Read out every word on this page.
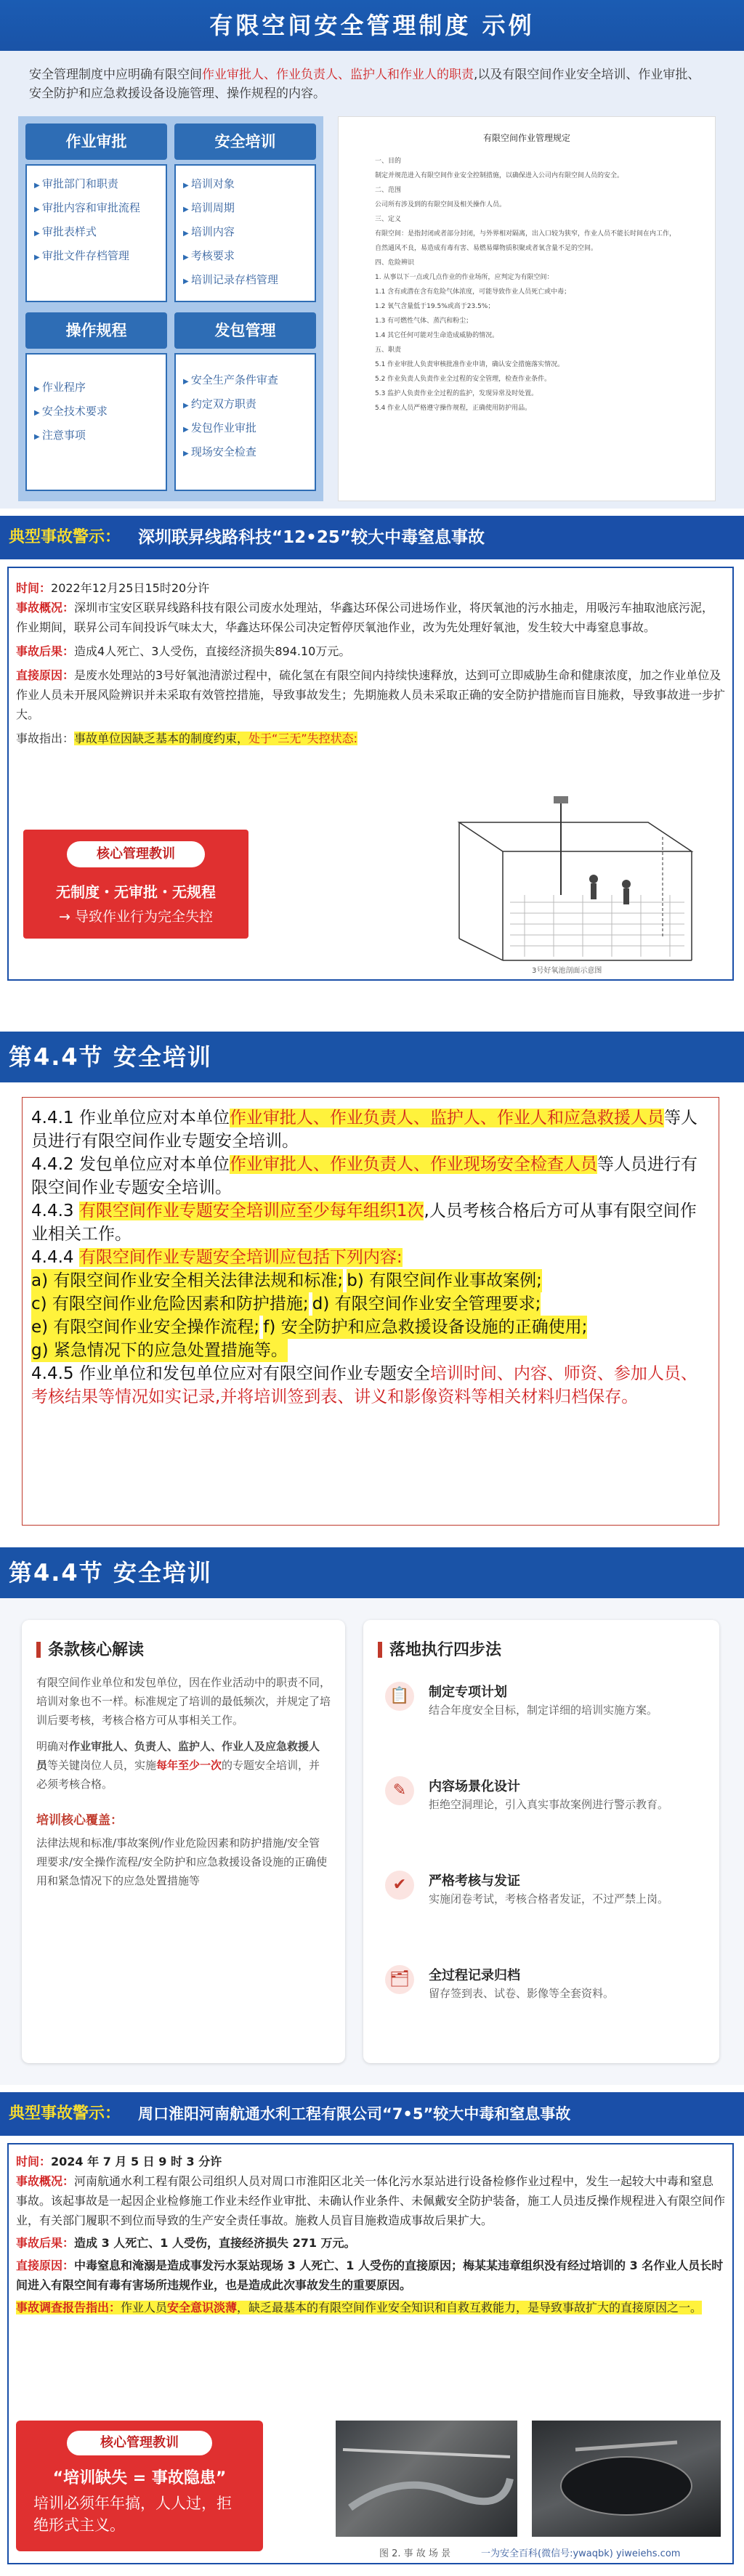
有限空间安全管理制度 示例
安全管理制度中应明确有限空间作业审批人、作业负责人、监护人和作业人的职责,以及有限空间作业安全培训、作业审批、安全防护和应急救援设备设施管理、操作规程的内容。
作业审批
▶ 审批部门和职责
▶ 审批内容和审批流程
▶ 审批表样式
▶ 审批文件存档管理
安全培训
▶ 培训对象
▶ 培训周期
▶ 培训内容
▶ 考核要求
▶ 培训记录存档管理
操作规程
▶ 作业程序
▶ 安全技术要求
▶ 注意事项
发包管理
▶ 安全生产条件审查
▶ 约定双方职责
▶ 发包作业审批
▶ 现场安全检查
有限空间作业管理规定

一、目的

制定并规范进入有限空间作业安全控制措施，以确保进入公司内有限空间人员的安全。

二、范围

公司所有涉及到的有限空间及相关操作人员。

三、定义

有限空间：是指封闭或者部分封闭，与外界相对隔离，出入口较为狭窄，作业人员不能长时间在内工作，自然通风不良，易造成有毒有害、易燃易爆物质积聚或者氧含量不足的空间。

四、危险辨识

1. 从事以下一点或几点作业的作业场所，应判定为有限空间：

1.1 含有或潜在含有危险气体浓度，可能导致作业人员死亡或中毒；

1.2 氧气含量低于19.5%或高于23.5%；

1.3 有可燃性气体、蒸汽和粉尘；

1.4 其它任何可能对生命造成威胁的情况。

五、职责

5.1 作业审批人负责审核批准作业申请，确认安全措施落实情况。

5.2 作业负责人负责作业全过程的安全管理，检查作业条件。

5.3 监护人负责作业全过程的监护，发现异常及时处置。

5.4 作业人员严格遵守操作规程，正确使用防护用品。

典型事故警示： 深圳联昇线路科技“12•25”较大中毒窒息事故
时间：2022年12月25日15时20分许
事故概况：深圳市宝安区联昇线路科技有限公司废水处理站，华鑫达环保公司进场作业，将厌氧池的污水抽走，用吸污车抽取池底污泥，作业期间，联昇公司车间投诉气味太大，华鑫达环保公司决定暂停厌氧池作业，改为先处理好氧池，发生较大中毒窒息事故。
事故后果：造成4人死亡、3人受伤，直接经济损失894.10万元。
直接原因：是废水处理站的3号好氧池清淤过程中，硫化氢在有限空间内持续快速释放，达到可立即威胁生命和健康浓度，加之作业单位及作业人员未开展风险辨识并未采取有效管控措施，导致事故发生；先期施救人员未采取正确的安全防护措施而盲目施救，导致事故进一步扩大。
事故指出：事故单位因缺乏基本的制度约束，处于“三无”失控状态:
核心管理教训
无制度・无审批・无规程
→ 导致作业行为完全失控
3号好氧池剖面示意图
第4.4节 安全培训

4.4.1 作业单位应对本单位作业审批人、作业负责人、监护人、作业人和应急救援人员等人员进行有限空间作业专题安全培训。

4.4.2 发包单位应对本单位作业审批人、作业负责人、作业现场安全检查人员等人员进行有限空间作业专题安全培训。

4.4.3 有限空间作业专题安全培训应至少每年组织1次,人员考核合格后方可从事有限空间作业相关工作。

4.4.4 有限空间作业专题安全培训应包括下列内容:

a) 有限空间作业安全相关法律法规和标准;

b) 有限空间作业事故案例;

c) 有限空间作业危险因素和防护措施;

d) 有限空间作业安全管理要求;

e) 有限空间作业安全操作流程;

f) 安全防护和应急救援设备设施的正确使用;

g) 紧急情况下的应急处置措施等。

4.4.5 作业单位和发包单位应对有限空间作业专题安全培训时间、内容、师资、参加人员、考核结果等情况如实记录,并将培训签到表、讲义和影像资料等相关材料归档保存。

第4.4节 安全培训
条款核心解读
有限空间作业单位和发包单位，因在作业活动中的职责不同，培训对象也不一样。标准规定了培训的最低频次，并规定了培训后要考核，考核合格方可从事相关工作。
明确对作业审批人、负责人、监护人、作业人及应急救援人员等关键岗位人员，实施每年至少一次的专题安全培训，并必须考核合格。
培训核心覆盖：
法律法规和标准/事故案例/作业危险因素和防护措施/安全管理要求/安全操作流程/安全防护和应急救援设备设施的正确使用和紧急情况下的应急处置措施等
落地执行四步法
📋	制定专项计划
结合年度安全目标，制定详细的培训实施方案。
✎	内容场景化设计
拒绝空洞理论，引入真实事故案例进行警示教育。
✔	严格考核与发证
实施闭卷考试，考核合格者发证，不过严禁上岗。
🗂	全过程记录归档
留存签到表、试卷、影像等全套资料。
典型事故警示： 周口淮阳河南航通水利工程有限公司“7•5”较大中毒和窒息事故
时间：2024 年 7 月 5 日 9 时 3 分许
事故概况：河南航通水利工程有限公司组织人员对周口市淮阳区北关一体化污水泵站进行设备检修作业过程中，发生一起较大中毒和窒息事故。该起事故是一起因企业检修施工作业未经作业审批、未确认作业条件、未佩戴安全防护装备，施工人员违反操作规程进入有限空间作业，有关部门履职不到位而导致的生产安全责任事故。施救人员盲目施救造成事故后果扩大。
事故后果：造成 3 人死亡、1 人受伤，直接经济损失 271 万元。
直接原因：中毒窒息和淹溺是造成事发污水泵站现场 3 人死亡、1 人受伤的直接原因；梅某某违章组织没有经过培训的 3 名作业人员长时间进入有限空间有毒有害场所违规作业，也是造成此次事故发生的重要原因。
事故调查报告指出：作业人员安全意识淡薄，缺乏最基本的有限空间作业安全知识和自救互救能力，是导致事故扩大的直接原因之一。
核心管理教训
“培训缺失 = 事故隐患”
培训必须年年搞，人人过，拒绝形式主义。
图 2. 事 故 场 景	一为安全百科(微信号:ywaqbk) yiweiehs.com
